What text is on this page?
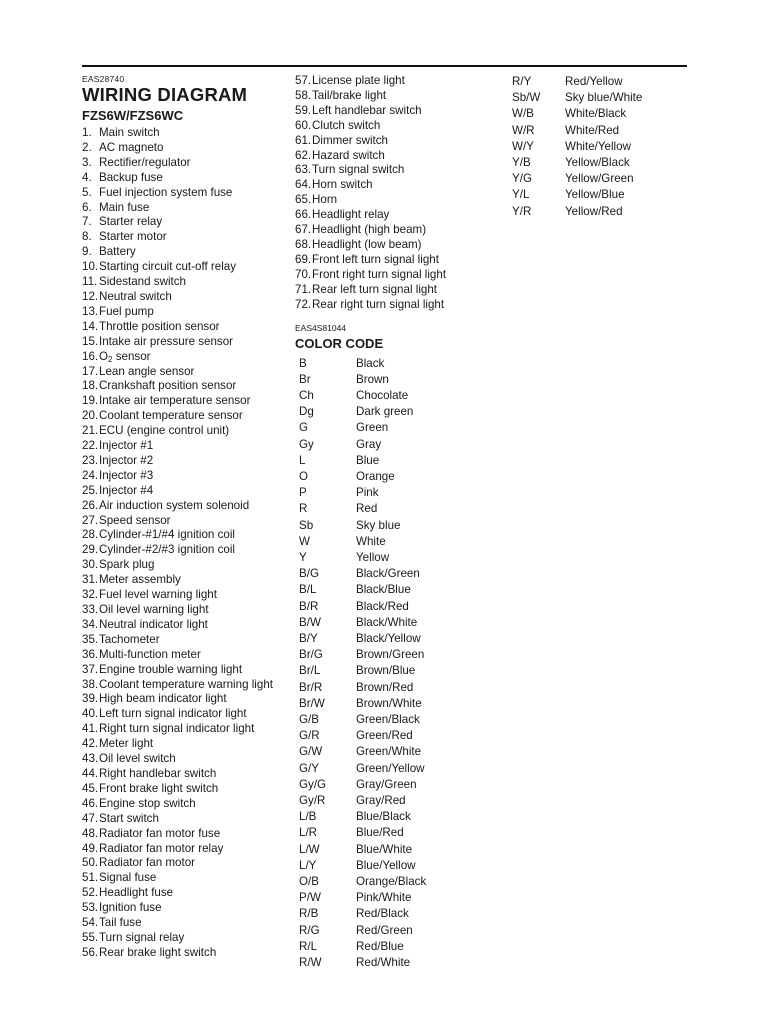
EAS28740
WIRING DIAGRAM
FZS6W/FZS6WC
1. Main switch
2. AC magneto
3. Rectifier/regulator
4. Backup fuse
5. Fuel injection system fuse
6. Main fuse
7. Starter relay
8. Starter motor
9. Battery
10. Starting circuit cut-off relay
11. Sidestand switch
12. Neutral switch
13. Fuel pump
14. Throttle position sensor
15. Intake air pressure sensor
16. $O_2$ sensor
17. Lean angle sensor
18. Crankshaft position sensor
19. Intake air temperature sensor
20. Coolant temperature sensor
21. ECU (engine control unit)
22. Injector #1
23. Injector #2
24. Injector #3
25. Injector #4
26. Air induction system solenoid
27. Speed sensor
28. Cylinder-#1/#4 ignition coil
29. Cylinder-#2/#3 ignition coil
30. Spark plug
31. Meter assembly
32. Fuel level warning light
33. Oil level warning light
34. Neutral indicator light
35. Tachometer
36. Multi-function meter
37. Engine trouble warning light
38. Coolant temperature warning light
39. High beam indicator light
40. Left turn signal indicator light
41. Right turn signal indicator light
42. Meter light
43. Oil level switch
44. Right handlebar switch
45. Front brake light switch
46. Engine stop switch
47. Start switch
48. Radiator fan motor fuse
49. Radiator fan motor relay
50. Radiator fan motor
51. Signal fuse
52. Headlight fuse
53. Ignition fuse
54. Tail fuse
55. Turn signal relay
56. Rear brake light switch
57. License plate light
58. Tail/brake light
59. Left handlebar switch
60. Clutch switch
61. Dimmer switch
62. Hazard switch
63. Turn signal switch
64. Horn switch
65. Horn
66. Headlight relay
67. Headlight (high beam)
68. Headlight (low beam)
69. Front left turn signal light
70. Front right turn signal light
71. Rear left turn signal light
72. Rear right turn signal light
EAS4S81044
COLOR CODE
B	Black
Br	Brown
Ch	Chocolate
Dg	Dark green
G	Green
Gy	Gray
L	Blue
O	Orange
P	Pink
R	Red
Sb	Sky blue
W	White
Y	Yellow
B/G	Black/Green
B/L	Black/Blue
B/R	Black/Red
B/W	Black/White
B/Y	Black/Yellow
Br/G	Brown/Green
Br/L	Brown/Blue
Br/R	Brown/Red
Br/W	Brown/White
G/B	Green/Black
G/R	Green/Red
G/W	Green/White
G/Y	Green/Yellow
Gy/G	Gray/Green
Gy/R	Gray/Red
L/B	Blue/Black
L/R	Blue/Red
L/W	Blue/White
L/Y	Blue/Yellow
O/B	Orange/Black
P/W	Pink/White
R/B	Red/Black
R/G	Red/Green
R/L	Red/Blue
R/W	Red/White
R/Y	Red/Yellow
Sb/W	Sky blue/White
W/B	White/Black
W/R	White/Red
W/Y	White/Yellow
Y/B	Yellow/Black
Y/G	Yellow/Green
Y/L	Yellow/Blue
Y/R	Yellow/Red
